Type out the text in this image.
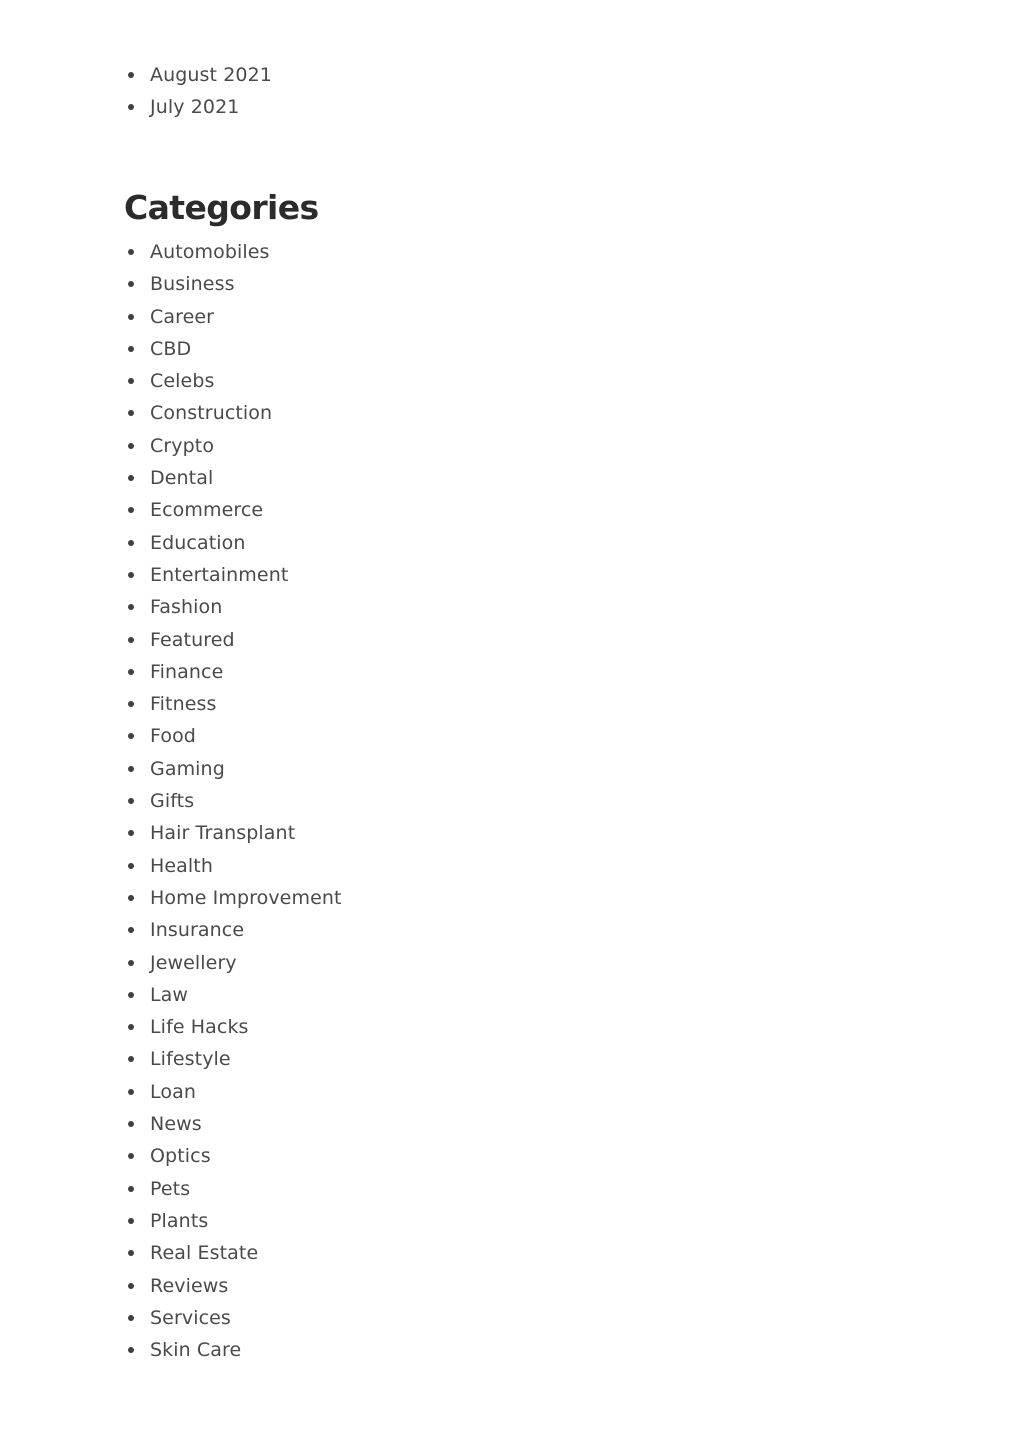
August 2021
July 2021
Categories
Automobiles
Business
Career
CBD
Celebs
Construction
Crypto
Dental
Ecommerce
Education
Entertainment
Fashion
Featured
Finance
Fitness
Food
Gaming
Gifts
Hair Transplant
Health
Home Improvement
Insurance
Jewellery
Law
Life Hacks
Lifestyle
Loan
News
Optics
Pets
Plants
Real Estate
Reviews
Services
Skin Care
